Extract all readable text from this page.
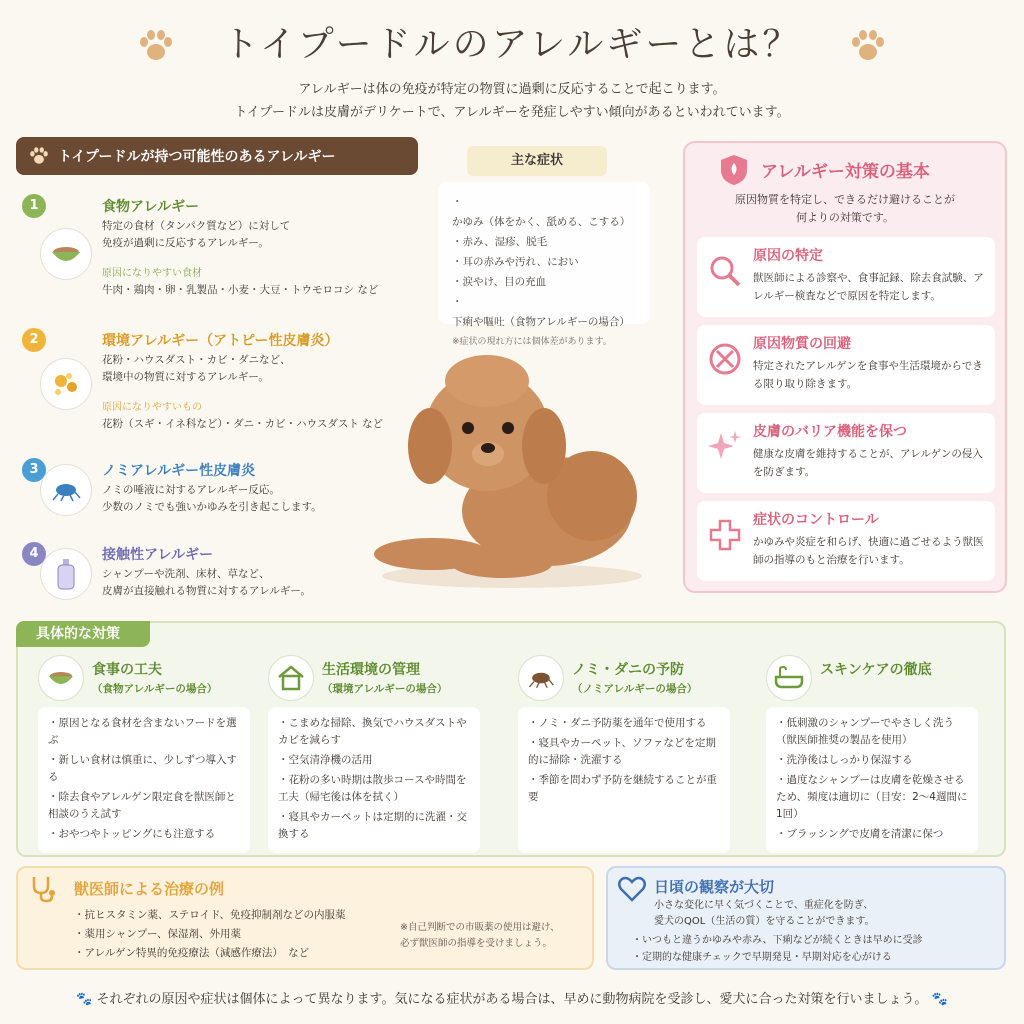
トイプードルのアレルギーとは？
アレルギーは体の免疫が特定の物質に過剰に反応することで起こります。
トイプードルは皮膚がデリケートで、アレルギーを発症しやすい傾向があるといわれています。
トイプードルが持つ可能性のあるアレルギー
1	食物アレルギー
特定の食材（タンパク質など）に対して
免疫が過剰に反応するアレルギー。
原因になりやすい食材
牛肉・鶏肉・卵・乳製品・小麦・大豆・トウモロコシ など
2	環境アレルギー（アトピー性皮膚炎）
花粉・ハウスダスト・カビ・ダニなど、
環境中の物質に対するアレルギー。
原因になりやすいもの
花粉（スギ・イネ科など）・ダニ・カビ・ハウスダスト など
3	ノミアレルギー性皮膚炎
ノミの唾液に対するアレルギー反応。
少数のノミでも強いかゆみを引き起こします。
4	接触性アレルギー
シャンプーや洗剤、床材、草など、
皮膚が直接触れる物質に対するアレルギー。
主な症状
・かゆみ（体をかく、舐める、こする）
・赤み、湿疹、脱毛
・耳の赤みや汚れ、におい
・涙やけ、目の充血
・下痢や嘔吐（食物アレルギーの場合）
※症状の現れ方には個体差があります。
アレルギー対策の基本
原因物質を特定し、できるだけ避けることが
何よりの対策です。
原因の特定
獣医師による診察や、食事記録、除去食試験、アレルギー検査などで原因を特定します。
原因物質の回避
特定されたアレルゲンを食事や生活環境からできる限り取り除きます。
皮膚のバリア機能を保つ
健康な皮膚を維持することが、アレルゲンの侵入を防ぎます。
症状のコントロール
かゆみや炎症を和らげ、快適に過ごせるよう獣医師の指導のもと治療を行います。
食事の工夫
（食物アレルギーの場合）
・ 原因となる食材を含まないフードを選ぶ
・ 新しい食材は慎重に、少しずつ導入する
・ 除去食やアレルゲン限定食を獣医師と相談のうえ試す
・ おやつやトッピングにも注意する
生活環境の管理
（環境アレルギーの場合）
・ こまめな掃除、換気でハウスダストやカビを減らす
・ 空気清浄機の活用
・ 花粉の多い時期は散歩コースや時間を工夫（帰宅後は体を拭く）
・ 寝具やカーペットは定期的に洗濯・交換する
ノミ・ダニの予防
（ノミアレルギーの場合）
・ ノミ・ダニ予防薬を通年で使用する
・ 寝具やカーペット、ソファなどを定期的に掃除・洗濯する
・ 季節を問わず予防を継続することが重要
スキンケアの徹底
・ 低刺激のシャンプーでやさしく洗う（獣医師推奨の製品を使用）
・ 洗浄後はしっかり保湿する
・ 過度なシャンプーは皮膚を乾燥させるため、頻度は適切に（目安：2〜4週間に1回）
・ ブラッシングで皮膚を清潔に保つ
具体的な対策
獣医師による治療の例
・抗ヒスタミン薬、ステロイド、免疫抑制剤などの内服薬
・薬用シャンプー、保湿剤、外用薬
・アレルゲン特異的免疫療法（減感作療法）　など
※自己判断での市販薬の使用は避け、
必ず獣医師の指導を受けましょう。
日頃の観察が大切
小さな変化に早く気づくことで、重症化を防ぎ、
愛犬のQOL（生活の質）を守ることができます。
・いつもと違うかゆみや赤み、下痢などが続くときは早めに受診
・定期的な健康チェックで早期発見・早期対応を心がける
🐾 それぞれの原因や症状は個体によって異なります。気になる症状がある場合は、早めに動物病院を受診し、愛犬に合った対策を行いましょう。 🐾
